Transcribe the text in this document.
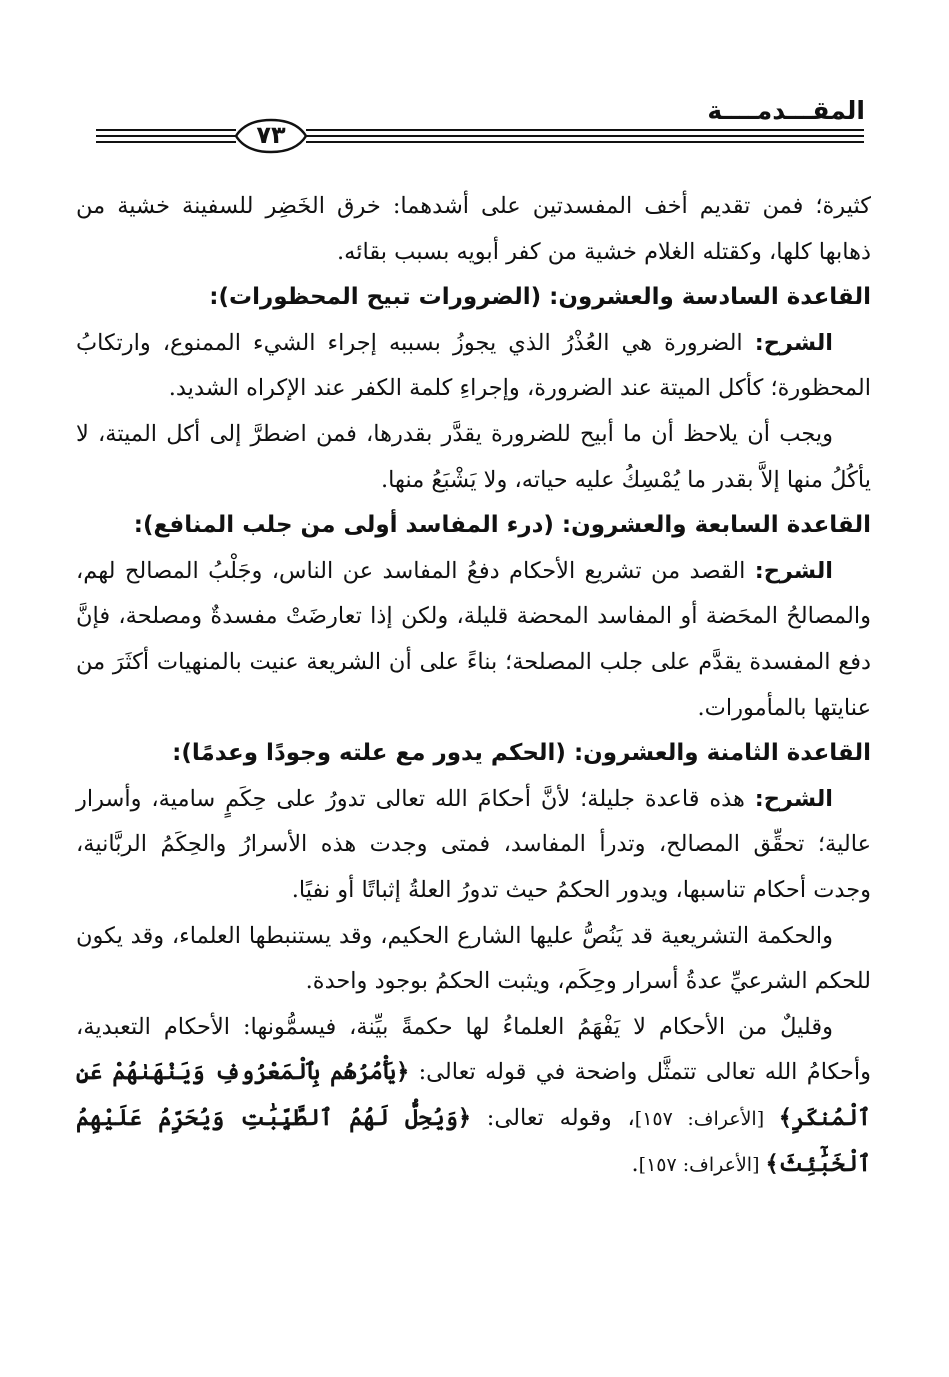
المقـــدمــــة
٧٣

كثيرة؛ فمن تقديم أخف المفسدتين على أشدهما: خرق الخَضِر للسفينة خشية من ذهابها كلها، وكقتله الغلام خشية من كفر أبويه بسبب بقائه.

القاعدة السادسة والعشرون: (الضرورات تبيح المحظورات):

الشرح: الضرورة هي العُذْرُ الذي يجوزُ بسببه إجراء الشيء الممنوع، وارتكابُ المحظورة؛ كأكل الميتة عند الضرورة، وإجراءِ كلمة الكفر عند الإكراه الشديد.

ويجب أن يلاحظ أن ما أبيح للضرورة يقدَّر بقدرها، فمن اضطرَّ إلى أكل الميتة، لا يأكُلُ منها إلاَّ بقدر ما يُمْسِكُ عليه حياته، ولا يَشْبَعُ منها.

القاعدة السابعة والعشرون: (درء المفاسد أولى من جلب المنافع):

الشرح: القصد من تشريع الأحكام دفعُ المفاسد عن الناس، وجَلْبُ المصالح لهم، والمصالحُ المحَضة أو المفاسد المحضة قليلة، ولكن إذا تعارضَتْ مفسدةٌ ومصلحة، فإنَّ دفع المفسدة يقدَّم على جلب المصلحة؛ بناءً على أن الشريعة عنيت بالمنهيات أكثَرَ من عنايتها بالمأمورات.

القاعدة الثامنة والعشرون: (الحكم يدور مع علته وجودًا وعدمًا):

الشرح: هذه قاعدة جليلة؛ لأنَّ أحكامَ الله تعالى تدورُ على حِكَمٍ سامية، وأسرار عالية؛ تحقِّق المصالح، وتدرأ المفاسد، فمتى وجدت هذه الأسرارُ والحِكَمُ الربَّانية، وجدت أحكام تناسبها، ويدور الحكمُ حيث تدورُ العلةُ إثباتًا أو نفيًا.

والحكمة التشريعية قد يَنُصُّ عليها الشارع الحكيم، وقد يستنبطها العلماء، وقد يكون للحكم الشرعيِّ عدةُ أسرار وحِكَم، ويثبت الحكمُ بوجود واحدة.

وقليلٌ من الأحكام لا يَفْهَمُ العلماءُ لها حكمةً بيِّنة، فيسمُّونها: الأحكام التعبدية، وأحكامُ الله تعالى تتمثَّل واضحة في قوله تعالى: ﴿يَأْمُرُهُم بِٱلْمَعْرُوفِ وَيَنْهَىٰهُمْ عَنِ ٱلْمُنكَرِ﴾ [الأعراف: ١٥٧]، وقوله تعالى: ﴿وَيُحِلُّ لَهُمُ ٱلطَّيِّبَٰتِ وَيُحَرِّمُ عَلَيْهِمُ ٱلْخَبَٰٓئِثَ﴾ [الأعراف: ١٥٧].
